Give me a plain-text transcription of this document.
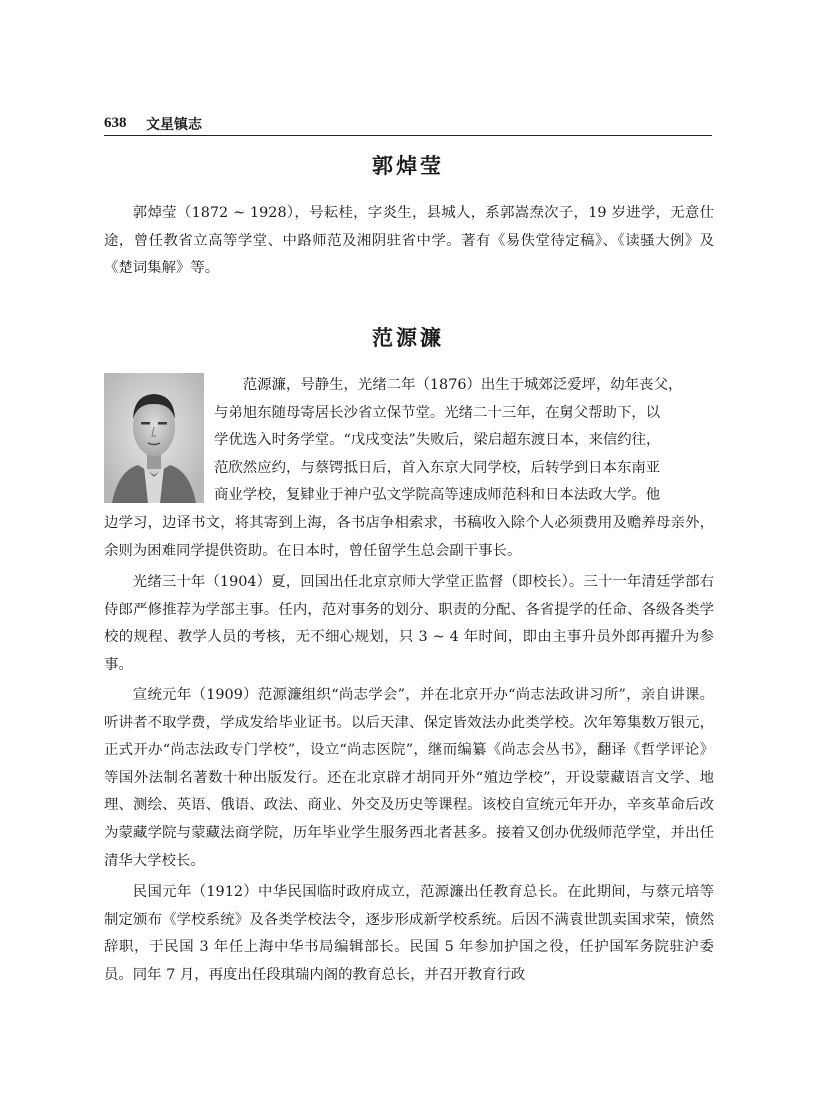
638 文星镇志
郭焯莹

郭焯莹（1872 ~ 1928），号耘桂，字炎生，县城人，系郭嵩焘次子，19 岁进学，无意仕途，曾任教省立高等学堂、中路师范及湘阴驻省中学。著有《易佚堂待定稿》、《读骚大例》及《楚词集解》等。

范源濂
范源濂，号静生，光绪二年（1876）出生于城郊泛爱坪，幼年丧父，
与弟旭东随母寄居长沙省立保节堂。光绪二十三年，在舅父帮助下，以
学优选入时务学堂。“戊戌变法”失败后，梁启超东渡日本，来信约往，
范欣然应约，与蔡锷抵日后，首入东京大同学校，后转学到日本东南亚
商业学校，复肄业于神户弘文学院高等速成师范科和日本法政大学。他

边学习，边译书文，将其寄到上海，各书店争相索求，书稿收入除个人必须费用及赡养母亲外，余则为困难同学提供资助。在日本时，曾任留学生总会副干事长。

光绪三十年（1904）夏，回国出任北京京师大学堂正监督（即校长）。三十一年清廷学部右侍郎严修推荐为学部主事。任内，范对事务的划分、职责的分配、各省提学的任命、各级各类学校的规程、教学人员的考核，无不细心规划，只 3 ~ 4 年时间，即由主事升员外郎再擢升为参事。

宣统元年（1909）范源濂组织“尚志学会”，并在北京开办“尚志法政讲习所”，亲自讲课。听讲者不取学费，学成发给毕业证书。以后天津、保定皆效法办此类学校。次年筹集数万银元，正式开办“尚志法政专门学校”，设立“尚志医院”，继而编纂《尚志会丛书》，翻译《哲学评论》等国外法制名著数十种出版发行。还在北京辟才胡同开外“殖边学校”，开设蒙藏语言文学、地理、测绘、英语、俄语、政法、商业、外交及历史等课程。该校自宣统元年开办，辛亥革命后改为蒙藏学院与蒙藏法商学院，历年毕业学生服务西北者甚多。接着又创办优级师范学堂，并出任清华大学校长。

民国元年（1912）中华民国临时政府成立，范源濂出任教育总长。在此期间，与蔡元培等制定颁布《学校系统》及各类学校法令，逐步形成新学校系统。后因不满袁世凯卖国求荣，愤然辞职，于民国 3 年任上海中华书局编辑部长。民国 5 年参加护国之役，任护国军务院驻沪委员。同年 7 月，再度出任段琪瑞内阁的教育总长，并召开教育行政
